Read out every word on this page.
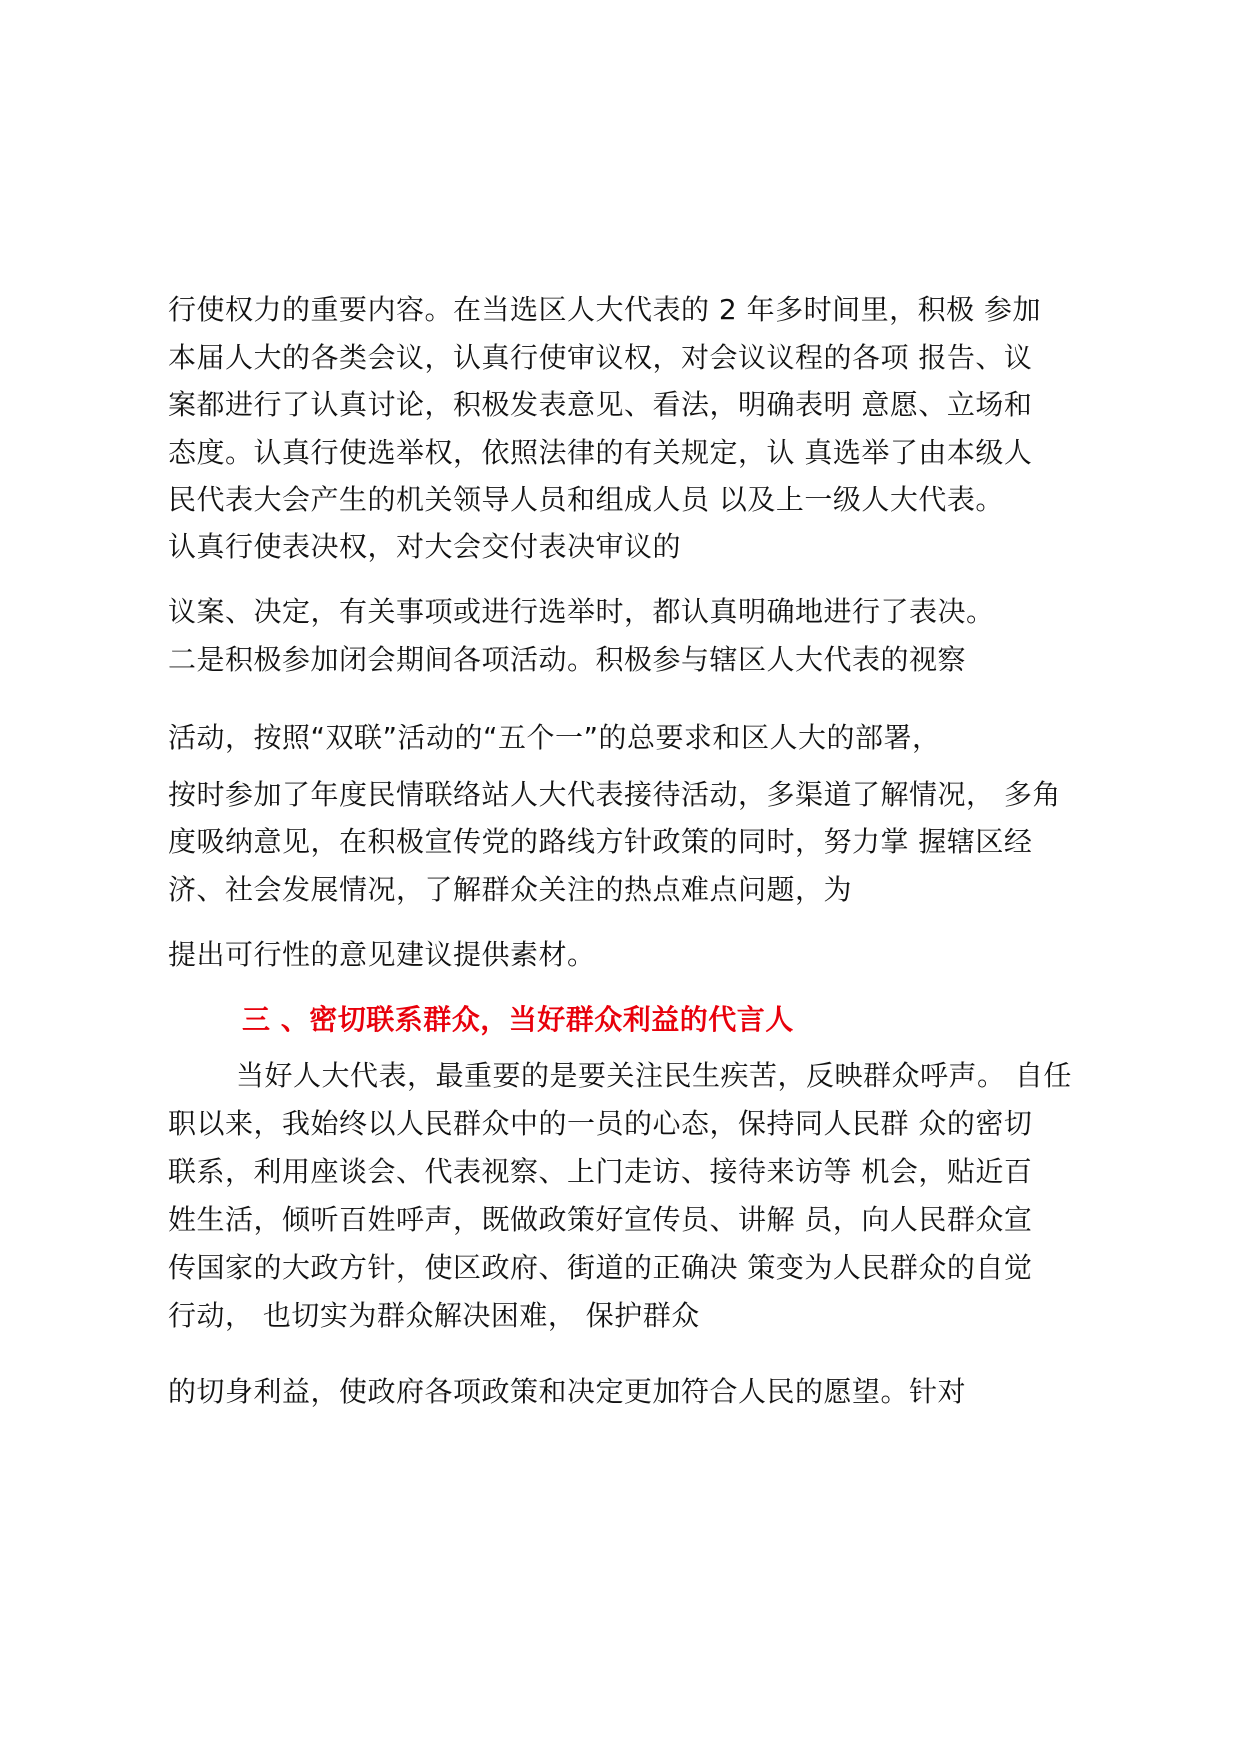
行使权力的重要内容。在当选区人大代表的 2 年多时间里，积极 参加
本届人大的各类会议，认真行使审议权，对会议议程的各项 报告、议
案都进行了认真讨论，积极发表意见、看法，明确表明 意愿、立场和
态度。认真行使选举权，依照法律的有关规定，认 真选举了由本级人
民代表大会产生的机关领导人员和组成人员 以及上一级人大代表。
认真行使表决权，对大会交付表决审议的
议案、决定，有关事项或进行选举时，都认真明确地进行了表决。
二是积极参加闭会期间各项活动。积极参与辖区人大代表的视察
活动，按照“双联”活动的“五个一”的总要求和区人大的部署，
按时参加了年度民情联络站人大代表接待活动，多渠道了解情况， 多角
度吸纳意见，在积极宣传党的路线方针政策的同时，努力掌 握辖区经
济、社会发展情况，了解群众关注的热点难点问题，为
提出可行性的意见建议提供素材。
三 、密切联系群众，当好群众利益的代言人
当好人大代表，最重要的是要关注民生疾苦，反映群众呼声。 自任
职以来，我始终以人民群众中的一员的心态，保持同人民群 众的密切
联系，利用座谈会、代表视察、上门走访、接待来访等 机会，贴近百
姓生活，倾听百姓呼声，既做政策好宣传员、讲解 员，向人民群众宣
传国家的大政方针，使区政府、街道的正确决 策变为人民群众的自觉
行动， 也切实为群众解决困难， 保护群众
的切身利益，使政府各项政策和决定更加符合人民的愿望。针对
